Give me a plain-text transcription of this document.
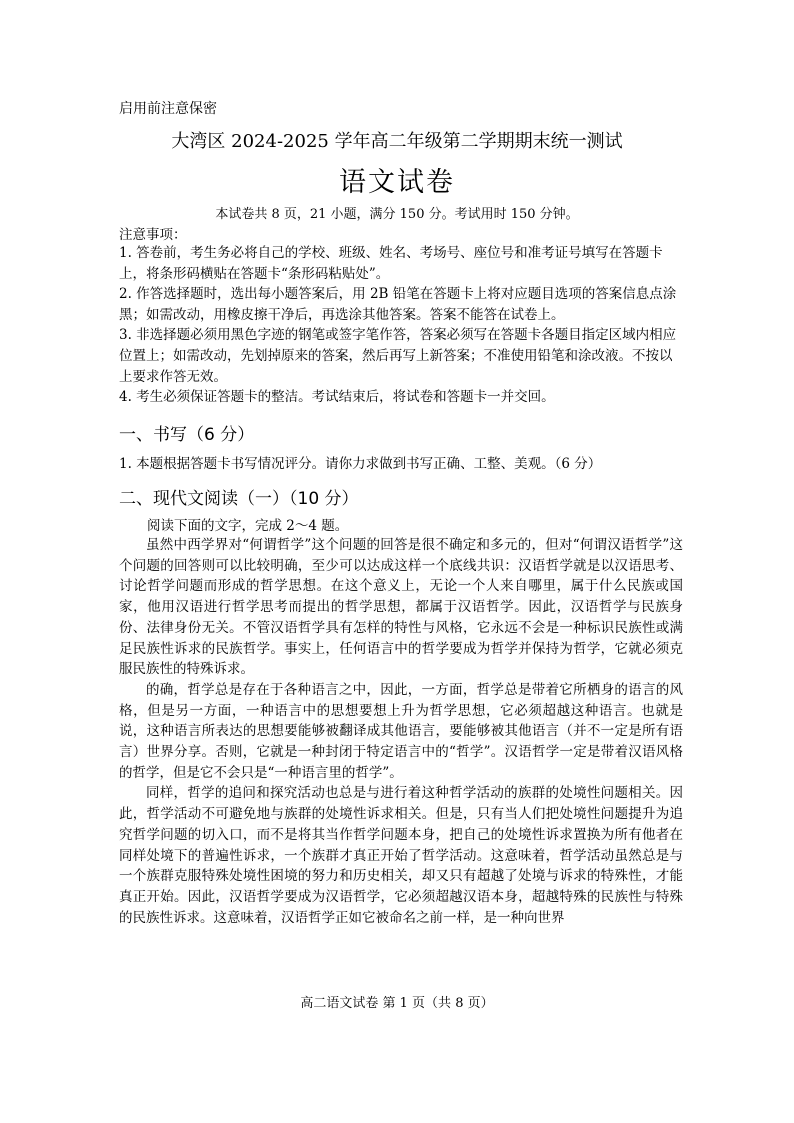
启用前注意保密
大湾区 2024-2025 学年高二年级第二学期期末统一测试
语文试卷
本试卷共 8 页，21 小题，满分 150 分。考试用时 150 分钟。
注意事项：

1. 答卷前，考生务必将自己的学校、班级、姓名、考场号、座位号和准考证号填写在答题卡上，将条形码横贴在答题卡“条形码粘贴处”。

2. 作答选择题时，选出每小题答案后，用 2B 铅笔在答题卡上将对应题目选项的答案信息点涂黑；如需改动，用橡皮擦干净后，再选涂其他答案。答案不能答在试卷上。

3. 非选择题必须用黑色字迹的钢笔或签字笔作答，答案必须写在答题卡各题目指定区域内相应位置上；如需改动，先划掉原来的答案，然后再写上新答案；不准使用铅笔和涂改液。不按以上要求作答无效。

4. 考生必须保证答题卡的整洁。考试结束后，将试卷和答题卡一并交回。

一、书写（6 分）
1. 本题根据答题卡书写情况评分。请你力求做到书写正确、工整、美观。（6 分）
二、现代文阅读（一）（10 分）
阅读下面的文字，完成 2～4 题。

虽然中西学界对“何谓哲学”这个问题的回答是很不确定和多元的，但对“何谓汉语哲学”这个问题的回答则可以比较明确，至少可以达成这样一个底线共识：汉语哲学就是以汉语思考、讨论哲学问题而形成的哲学思想。在这个意义上，无论一个人来自哪里，属于什么民族或国家，他用汉语进行哲学思考而提出的哲学思想，都属于汉语哲学。因此，汉语哲学与民族身份、法律身份无关。不管汉语哲学具有怎样的特性与风格，它永远不会是一种标识民族性或满足民族性诉求的民族哲学。事实上，任何语言中的哲学要成为哲学并保持为哲学，它就必须克服民族性的特殊诉求。

的确，哲学总是存在于各种语言之中，因此，一方面，哲学总是带着它所栖身的语言的风格，但是另一方面，一种语言中的思想要想上升为哲学思想，它必须超越这种语言。也就是说，这种语言所表达的思想要能够被翻译成其他语言，要能够被其他语言（并不一定是所有语言）世界分享。否则，它就是一种封闭于特定语言中的“哲学”。汉语哲学一定是带着汉语风格的哲学，但是它不会只是“一种语言里的哲学”。

同样，哲学的追问和探究活动也总是与进行着这种哲学活动的族群的处境性问题相关。因此，哲学活动不可避免地与族群的处境性诉求相关。但是，只有当人们把处境性问题提升为追究哲学问题的切入口，而不是将其当作哲学问题本身，把自己的处境性诉求置换为所有他者在同样处境下的普遍性诉求，一个族群才真正开始了哲学活动。这意味着，哲学活动虽然总是与一个族群克服特殊处境性困境的努力和历史相关，却又只有超越了处境与诉求的特殊性，才能真正开始。因此，汉语哲学要成为汉语哲学，它必须超越汉语本身，超越特殊的民族性与特殊的民族性诉求。这意味着，汉语哲学正如它被命名之前一样，是一种向世界

高二语文试卷 第 1 页（共 8 页）
